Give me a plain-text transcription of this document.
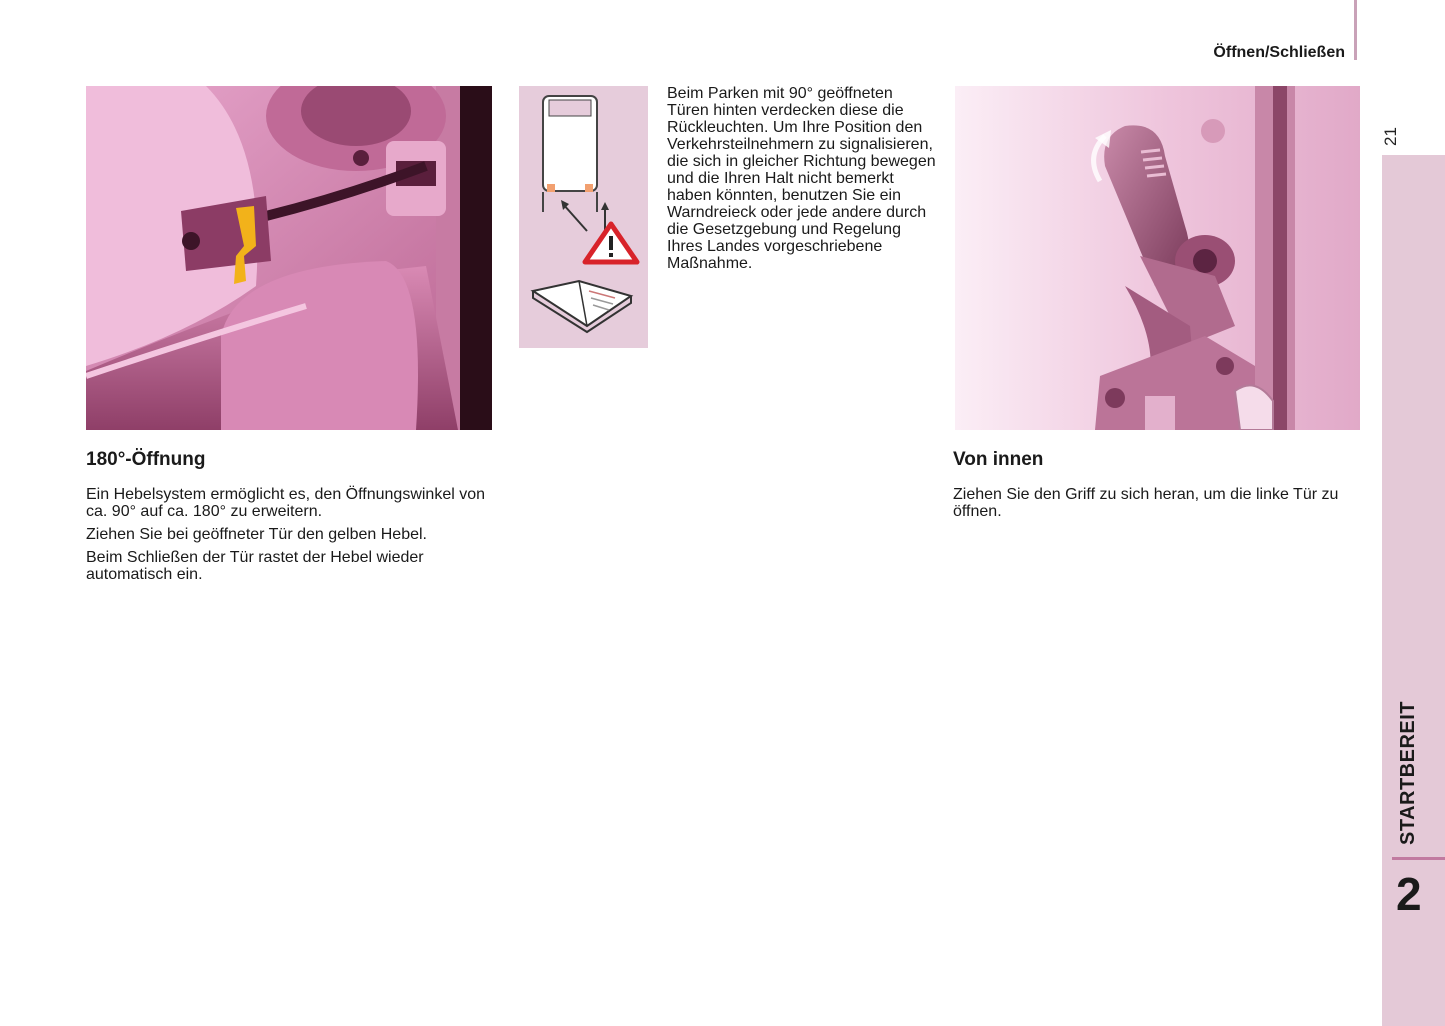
Öffnen/Schließen
21
STARTBEREIT
2
Beim Parken mit 90° geöffneten Türen hinten verdecken diese die Rückleuchten. Um Ihre Position den Verkehrsteilnehmern zu signalisieren, die sich in gleicher Richtung bewegen und die Ihren Halt nicht bemerkt haben könnten, benutzen Sie ein Warndreieck oder jede andere durch die Gesetzgebung und Regelung Ihres Landes vorgeschriebene Maßnahme.
180°-Öffnung

Ein Hebelsystem ermöglicht es, den Öffnungswinkel von ca. 90° auf ca. 180° zu erweitern.

Ziehen Sie bei geöffneter Tür den gelben Hebel.

Beim Schließen der Tür rastet der Hebel wieder automatisch ein.

Von innen

Ziehen Sie den Griff zu sich heran, um die linke Tür zu öffnen.
